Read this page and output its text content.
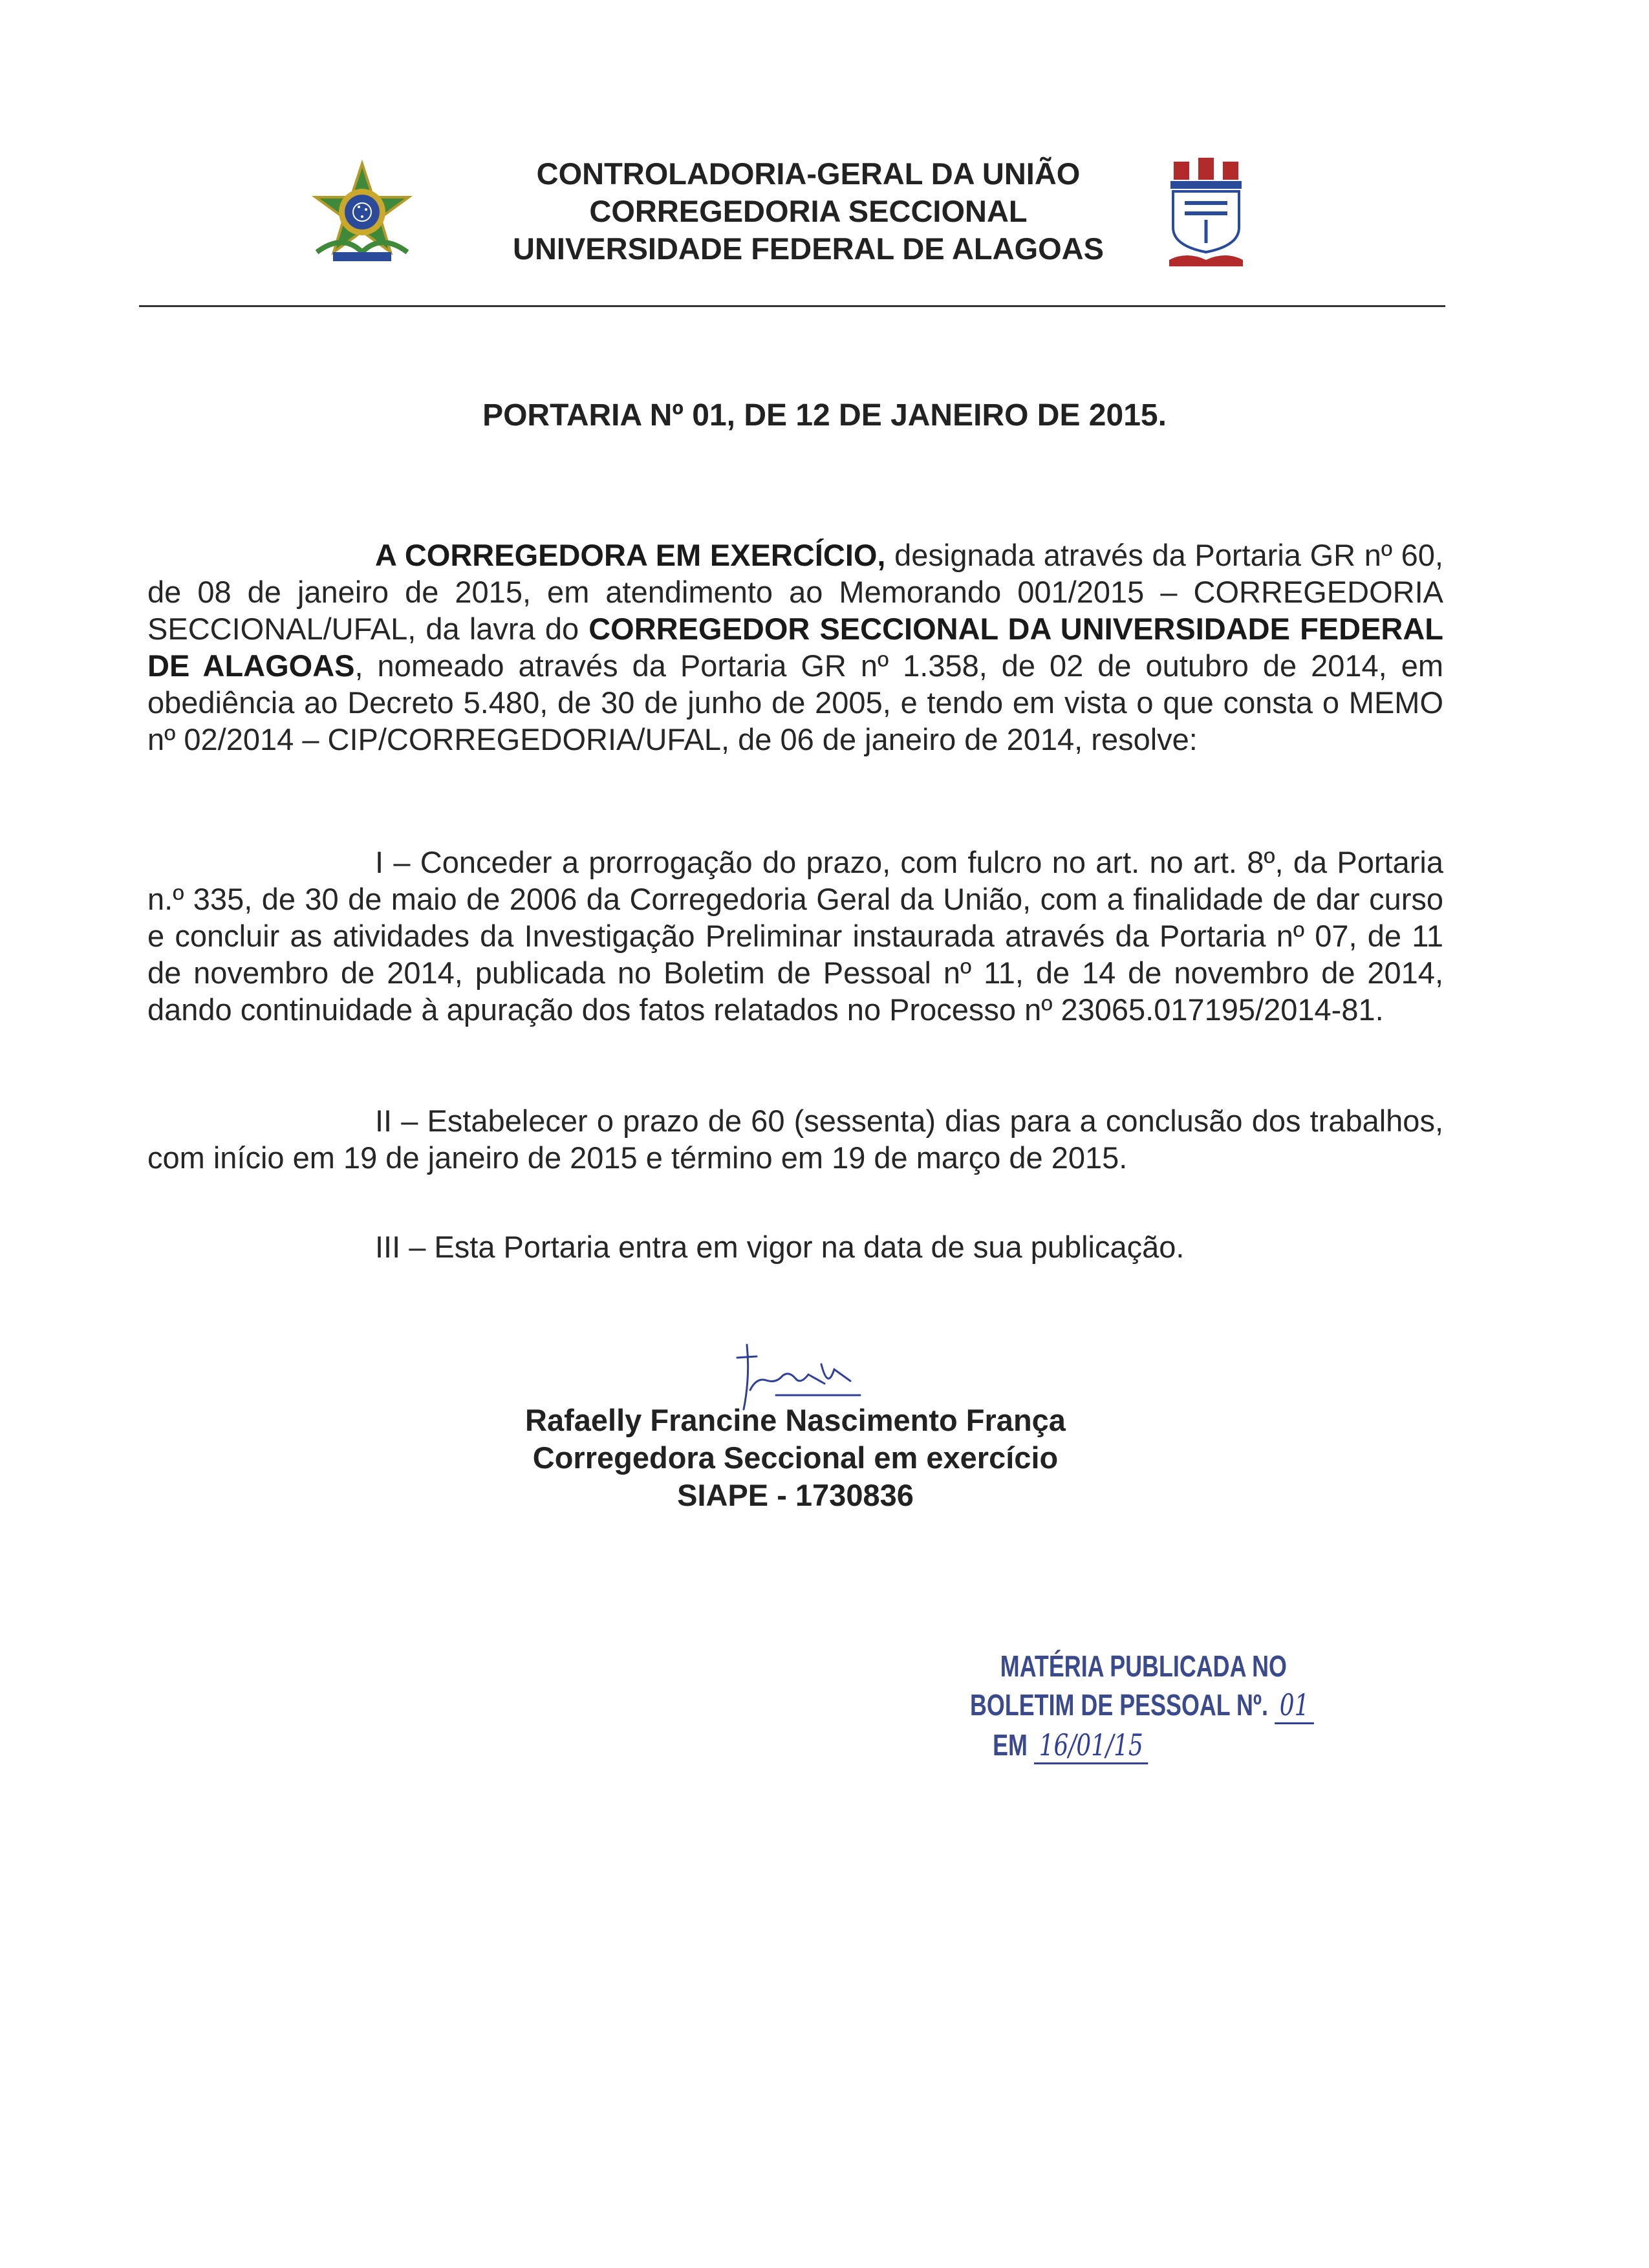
CONTROLADORIA-GERAL DA UNIÃO
CORREGEDORIA SECCIONAL
UNIVERSIDADE FEDERAL DE ALAGOAS
PORTARIA Nº 01, DE 12 DE JANEIRO DE 2015.

A CORREGEDORA EM EXERCÍCIO, designada através da Portaria GR nº 60, de 08 de janeiro de 2015, em atendimento ao Memorando 001/2015 – CORREGEDORIA SECCIONAL/UFAL, da lavra do CORREGEDOR SECCIONAL DA UNIVERSIDADE FEDERAL DE ALAGOAS, nomeado através da Portaria GR nº 1.358, de 02 de outubro de 2014, em obediência ao Decreto 5.480, de 30 de junho de 2005, e tendo em vista o que consta o MEMO nº 02/2014 – CIP/CORREGEDORIA/UFAL, de 06 de janeiro de 2014, resolve:

I – Conceder a prorrogação do prazo, com fulcro no art. no art. 8º, da Portaria n.º 335, de 30 de maio de 2006 da Corregedoria Geral da União, com a finalidade de dar curso e concluir as atividades da Investigação Preliminar instaurada através da Portaria nº 07, de 11 de novembro de 2014, publicada no Boletim de Pessoal nº 11, de 14 de novembro de 2014, dando continuidade à apuração dos fatos relatados no Processo nº 23065.017195/2014-81.

II – Estabelecer o prazo de 60 (sessenta) dias para a conclusão dos trabalhos, com início em 19 de janeiro de 2015 e término em 19 de março de 2015.

III – Esta Portaria entra em vigor na data de sua publicação.

Rafaelly Francine Nascimento França
Corregedora Seccional em exercício
SIAPE - 1730836
MATÉRIA PUBLICADA NO
BOLETIM DE PESSOAL Nº. 01
EM 16/01/15
